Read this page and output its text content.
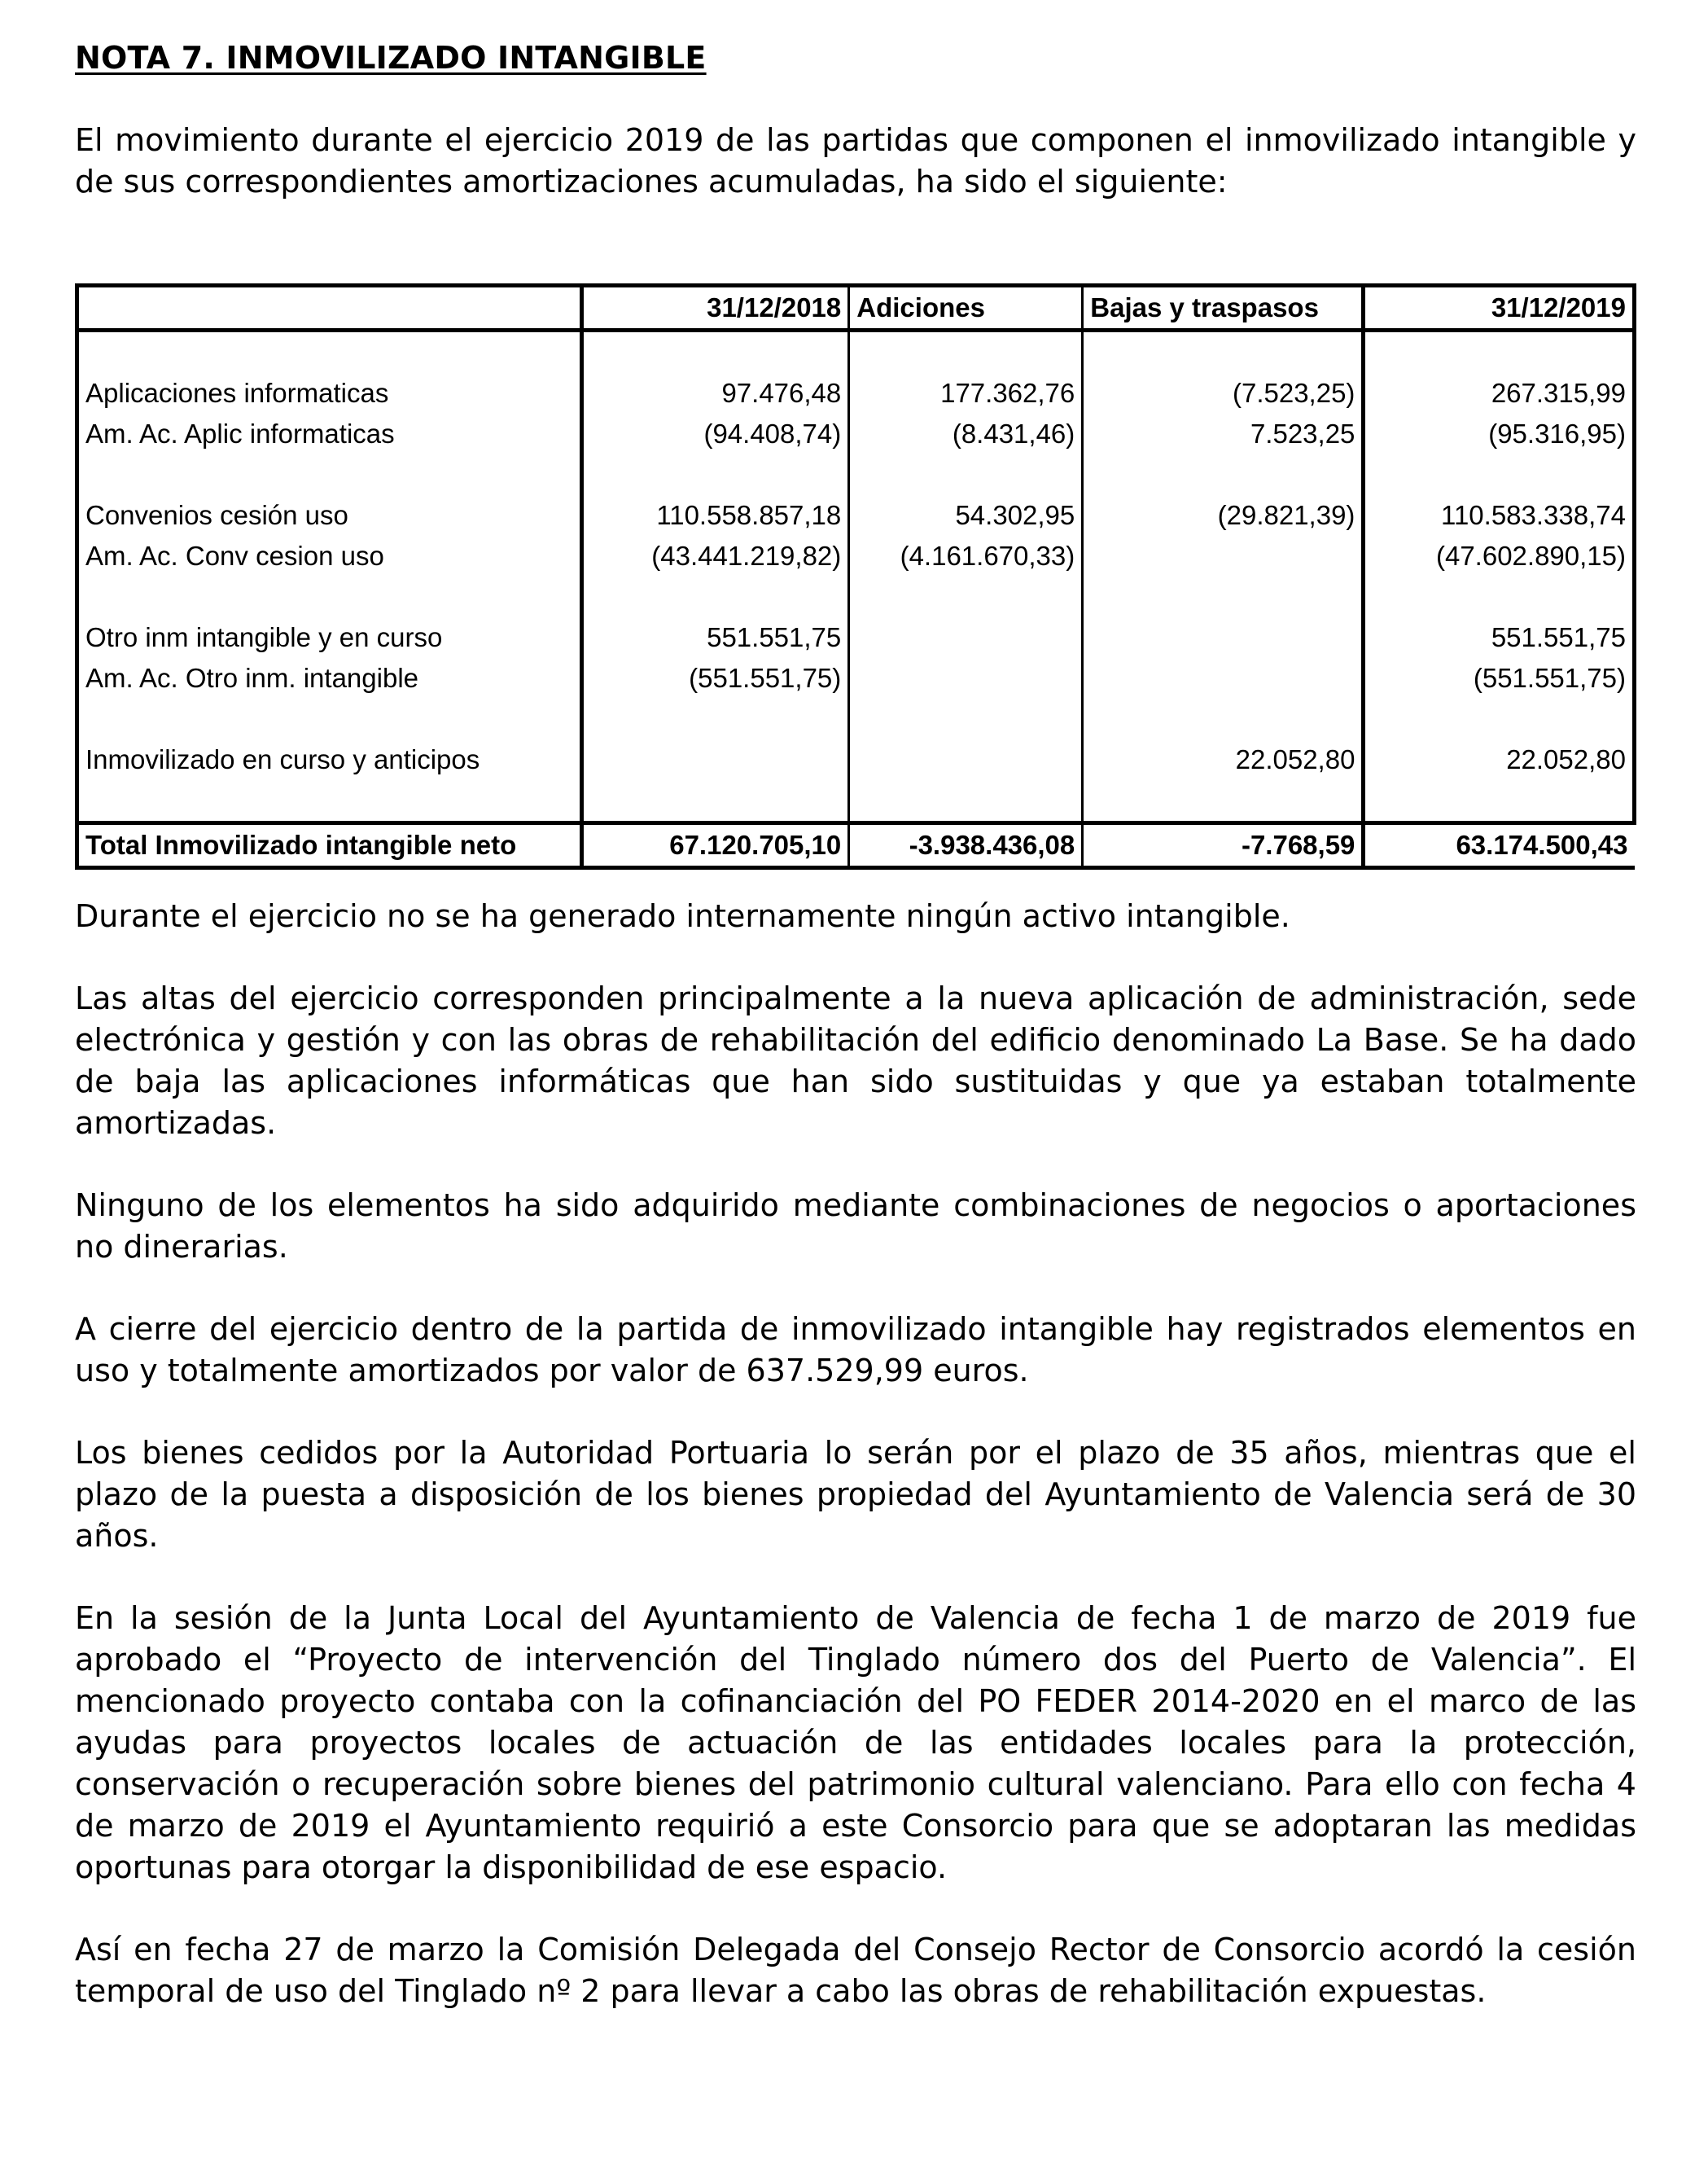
NOTA 7. INMOVILIZADO INTANGIBLE

El movimiento durante el ejercicio 2019 de las partidas que componen el inmovilizado intangible y de sus correspondientes amortizaciones acumuladas, ha sido el siguiente:

	31/12/2018	Adiciones	Bajas y traspasos	31/12/2019

Aplicaciones informaticas	97.476,48	177.362,76	(7.523,25)	267.315,99
Am. Ac. Aplic informaticas	(94.408,74)	(8.431,46)	7.523,25	(95.316,95)

Convenios cesión uso	110.558.857,18	54.302,95	(29.821,39)	110.583.338,74
Am. Ac. Conv cesion uso	(43.441.219,82)	(4.161.670,33)		(47.602.890,15)

Otro inm intangible y en curso	551.551,75			551.551,75
Am. Ac. Otro inm. intangible	(551.551,75)			(551.551,75)

Inmovilizado en curso y anticipos			22.052,80	22.052,80

Total Inmovilizado intangible neto	67.120.705,10	-3.938.436,08	-7.768,59	63.174.500,43

Durante el ejercicio no se ha generado internamente ningún activo intangible.

Las altas del ejercicio corresponden principalmente a la nueva aplicación de administración, sede electrónica y gestión y con las obras de rehabilitación del edificio denominado La Base. Se ha dado de baja las aplicaciones informáticas que han sido sustituidas y que ya estaban totalmente amortizadas.

Ninguno de los elementos ha sido adquirido mediante combinaciones de negocios o aportaciones no dinerarias.

A cierre del ejercicio dentro de la partida de inmovilizado intangible hay registrados elementos en uso y totalmente amortizados por valor de 637.529,99 euros.

Los bienes cedidos por la Autoridad Portuaria lo serán por el plazo de 35 años, mientras que el plazo de la puesta a disposición de los bienes propiedad del Ayuntamiento de Valencia será de 30 años.

En la sesión de la Junta Local del Ayuntamiento de Valencia de fecha 1 de marzo de 2019 fue aprobado el “Proyecto de intervención del Tinglado número dos del Puerto de Valencia”. El mencionado proyecto contaba con la cofinanciación del PO FEDER 2014-2020 en el marco de las ayudas para proyectos locales de actuación de las entidades locales para la protección, conservación o recuperación sobre bienes del patrimonio cultural valenciano. Para ello con fecha 4 de marzo de 2019 el Ayuntamiento requirió a este Consorcio para que se adoptaran las medidas oportunas para otorgar la disponibilidad de ese espacio.

Así en fecha 27 de marzo la Comisión Delegada del Consejo Rector de Consorcio acordó la cesión temporal de uso del Tinglado nº 2 para llevar a cabo las obras de rehabilitación expuestas.
